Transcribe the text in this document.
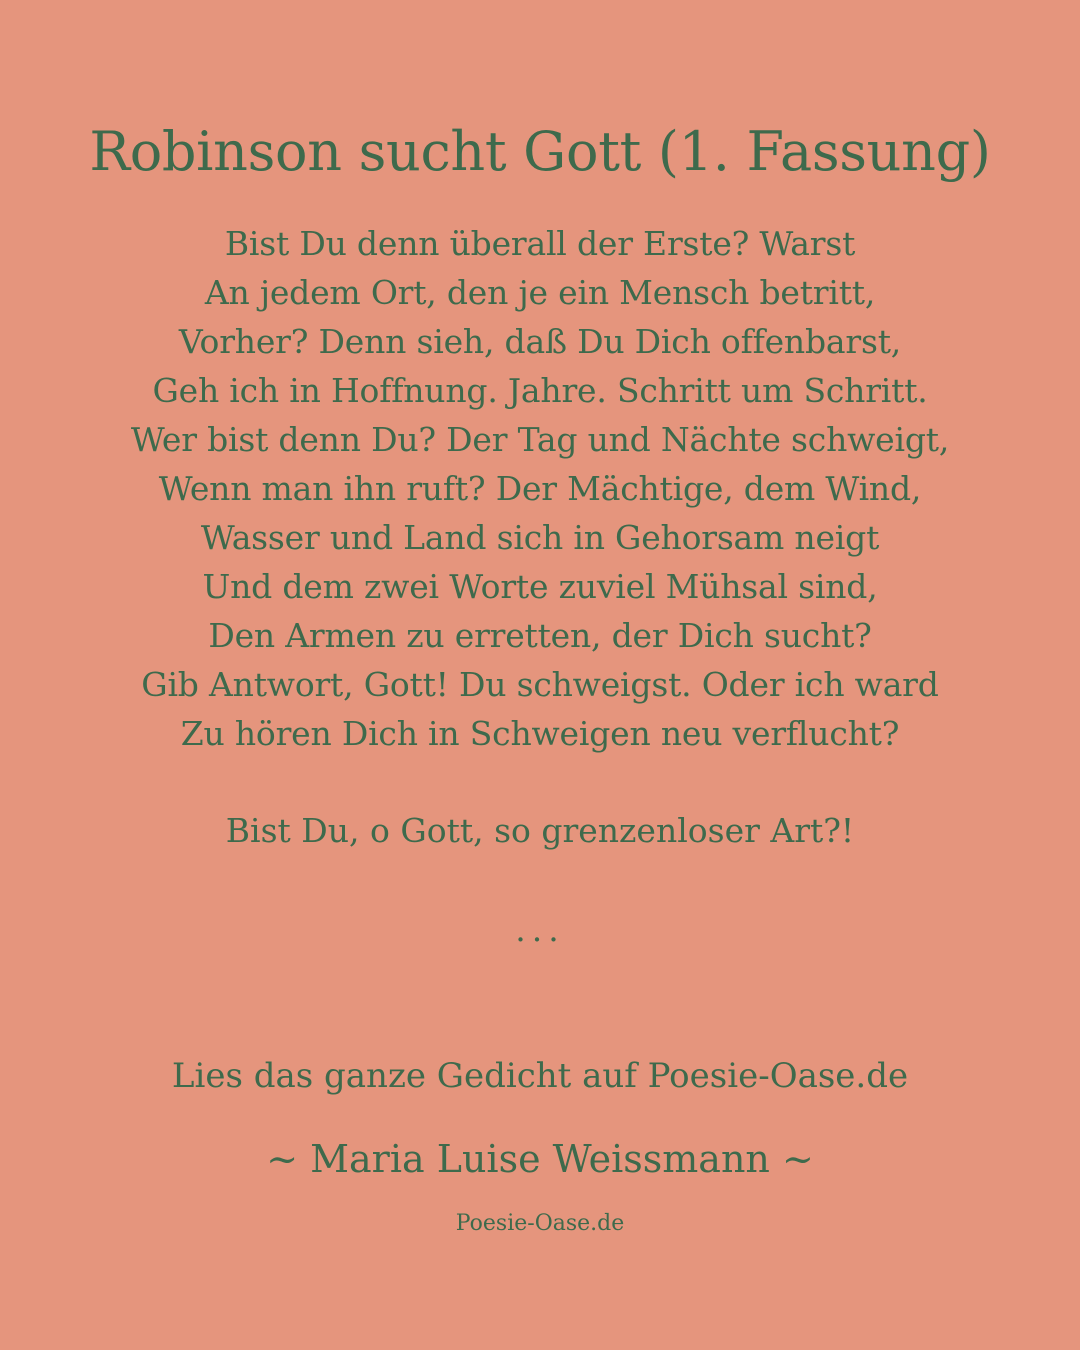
Robinson sucht Gott (1. Fassung)
Bist Du denn überall der Erste? Warst
An jedem Ort, den je ein Mensch betritt,
Vorher? Denn sieh, daß Du Dich offenbarst,
Geh ich in Hoffnung. Jahre. Schritt um Schritt.
Wer bist denn Du? Der Tag und Nächte schweigt,
Wenn man ihn ruft? Der Mächtige, dem Wind,
Wasser und Land sich in Gehorsam neigt
Und dem zwei Worte zuviel Mühsal sind,
Den Armen zu erretten, der Dich sucht?
Gib Antwort, Gott! Du schweigst. Oder ich ward
Zu hören Dich in Schweigen neu verflucht?

Bist Du, o Gott, so grenzenloser Art?!

...

Lies das ganze Gedicht auf Poesie-Oase.de

~ Maria Luise Weissmann ~

Poesie-Oase.de
